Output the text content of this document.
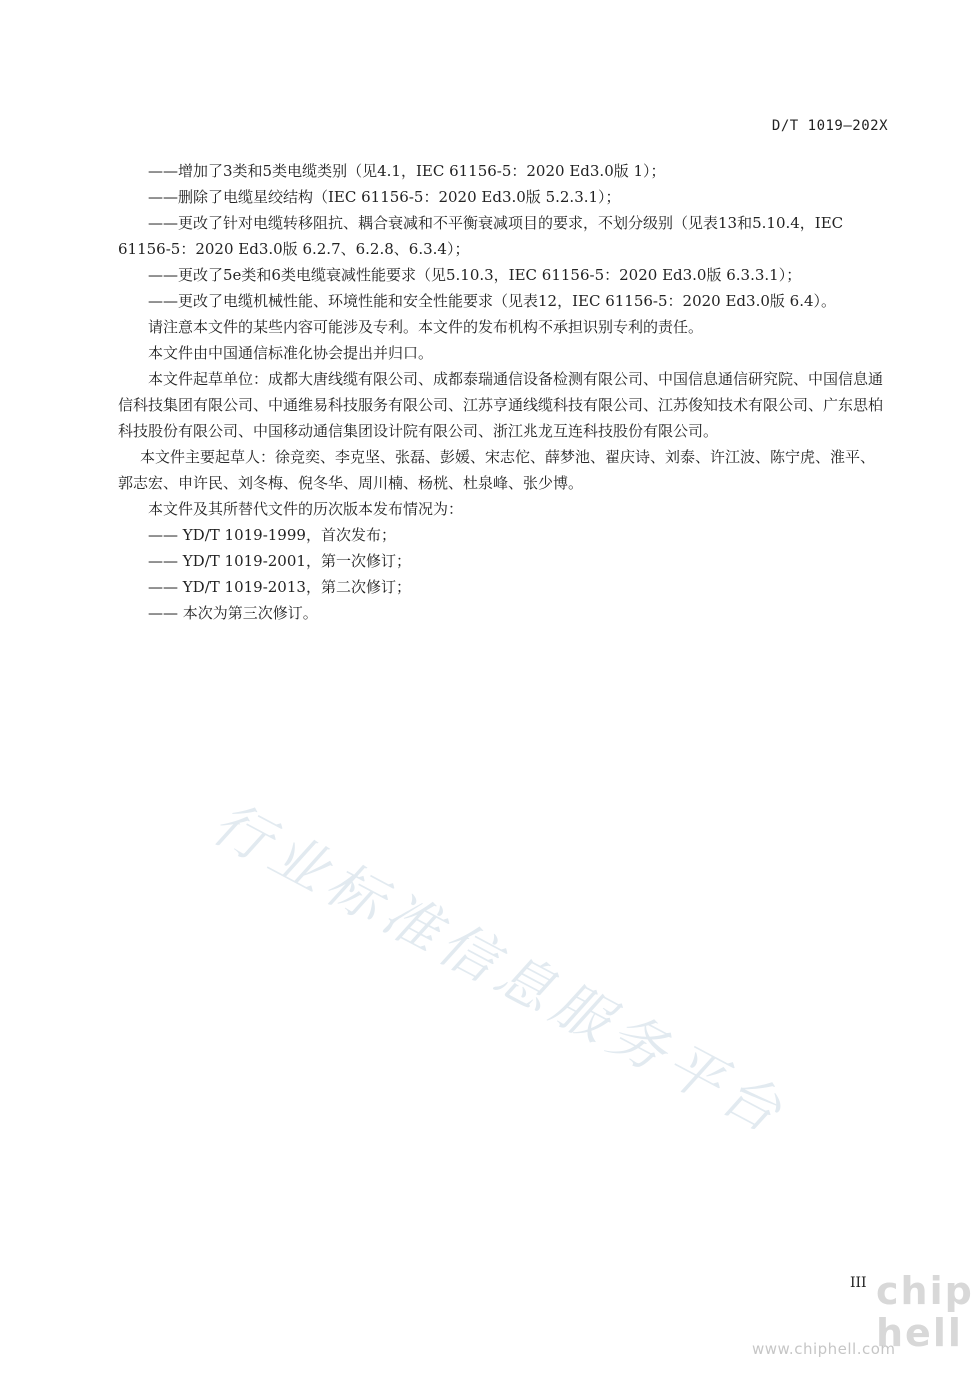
D/T 1019—202X

——增加了3类和5类电缆类别（见4.1，IEC 61156-5：2020 Ed3.0版 1）；

——删除了电缆星绞结构（IEC 61156-5：2020 Ed3.0版 5.2.3.1）；

——更改了针对电缆转移阻抗、耦合衰减和不平衡衰减项目的要求，不划分级别（见表13和5.10.4，IEC 61156-5：2020 Ed3.0版 6.2.7、6.2.8、6.3.4）；

——更改了5e类和6类电缆衰减性能要求（见5.10.3，IEC 61156-5：2020 Ed3.0版 6.3.3.1）；

——更改了电缆机械性能、环境性能和安全性能要求（见表12，IEC 61156-5：2020 Ed3.0版 6.4）。

请注意本文件的某些内容可能涉及专利。本文件的发布机构不承担识别专利的责任。

本文件由中国通信标准化协会提出并归口。

本文件起草单位：成都大唐线缆有限公司、成都泰瑞通信设备检测有限公司、中国信息通信研究院、中国信息通信科技集团有限公司、中通维易科技服务有限公司、江苏亨通线缆科技有限公司、江苏俊知技术有限公司、广东思柏科技股份有限公司、中国移动通信集团设计院有限公司、浙江兆龙互连科技股份有限公司。

本文件主要起草人：徐竞奕、李克坚、张磊、彭媛、宋志佗、薛梦池、翟庆诗、刘泰、许江波、陈宁虎、淮平、郭志宏、申许民、刘冬梅、倪冬华、周川楠、杨桄、杜泉峰、张少博。

本文件及其所替代文件的历次版本发布情况为：

—— YD/T 1019-1999，首次发布；

—— YD/T 1019-2001，第一次修订；

—— YD/T 1019-2013，第二次修订；

—— 本次为第三次修订。

行业标准信息服务平台
III chip hell
www.chiphell.com
